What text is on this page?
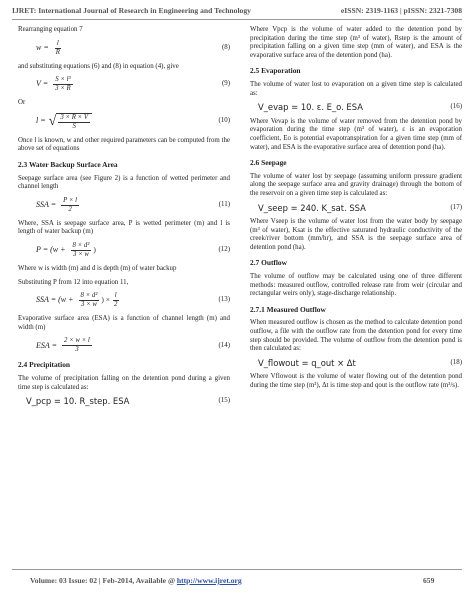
IJRET: International Journal of Research in Engineering and Technology	eISSN: 2319-1163 | pISSN: 2321-7308

Rearranging equation 7

$w = \frac{l}{R}$	(8)

and substituting equations (6) and (8) in equation (4), give

$V = \frac{\text{S × l³}}{3 \times R}$	(9)

Or

l = √ $\frac{3 \times R \times V}{S}$	(10)

Once l is known, w and other required parameters can be computed from the above set of equations

2.3 Water Backup Surface Area

Seepage surface area (see Figure 2) is a function of wetted perimeter and channel length

SSA = $\frac{P \times l}{2}$	(11)

Where, SSA is seepage surface area, P is wetted perimeter (m) and l is length of water backup (m)

$P = (w + \frac{\text{8 × d²}}{3 \times w}$ )	(12)

Where w is width (m) and d is depth (m) of water backup

Substituting P from 12 into equation 11,

SSA = ($w + \frac{\text{8 × d²}}{3 \times w}$ ) × $\frac{l}{2}$	(13)

Evaporative surface area (ESA) is a function of channel length (m) and width (m)

ESA = $\frac{2 \times w \times l}{3}$	(14)
2.4 Precipitation

The volume of precipitation falling on the detention pond during a given time step is calculated as:

V_pcp = 10. R_step. ESA	(15)

Where Vpcp is the volume of water added to the detention pond by precipitation during the time step (m³ of water), Rstep is the amount of precipitation falling on a given time step (mm of water), and ESA is the evaporative surface area of the detention pond (ha).

2.5 Evaporation

The volume of water lost to evaporation on a given time step is calculated as:

V_evap = 10. ε. E_o. ESA	(16)

Where Vevap is the volume of water removed from the detention pond by evaporation during the time step (m³ of water), ε is an evaporation coefficient, Eo is potential evapotranspiration for a given time step (mm of water), and ESA is the evaporative surface area of detention pond (ha).

2.6 Seepage

The volume of water lost by seepage (assuming uniform pressure gradient along the seepage surface area and gravity drainage) through the bottom of the reservoir on a given time step is calculated as:

V_seep = 240. K_sat. SSA	(17)

Where Vseep is the volume of water lost from the water body by seepage (m³ of water), Ksat is the effective saturated hydraulic conductivity of the creek/river bottom (mm/hr), and SSA is the seepage surface area of detention pond (ha).

2.7 Outflow

The volume of outflow may be calculated using one of three different methods: measured outflow, controlled release rate from weir (circular and rectangular weirs only), stage-discharge relationship.

2.7.1 Measured Outflow

When measured outflow is chosen as the method to calculate detention pond outflow, a file with the outflow rate from the detention pond for every time step should be provided. The volume of outflow from the detention pond is then calculated as:

V_flowout = q_out × Δt	(18)

Where Vflowout is the volume of water flowing out of the detention pond during the time step (m³), Δt is time step and qout is the outflow rate (m³/s).

Volume: 03 Issue: 02 | Feb-2014, Available @ http://www.ijret.org	659
